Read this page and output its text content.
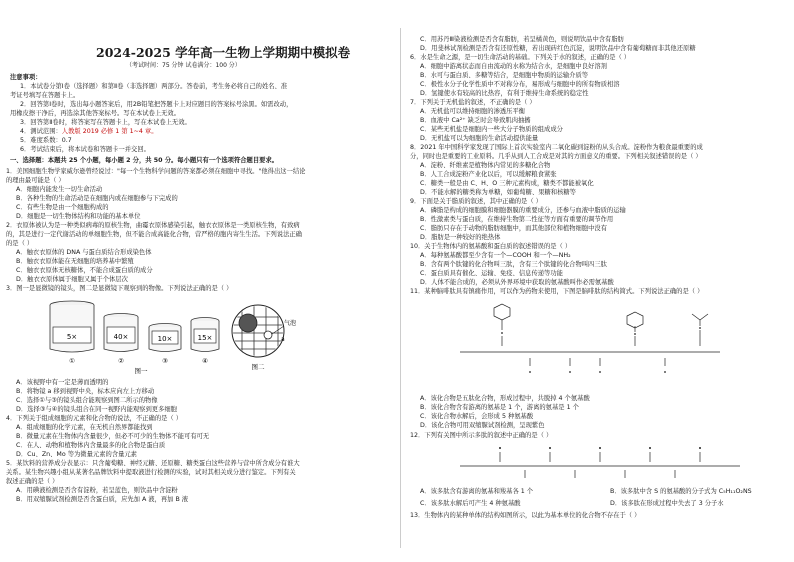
2024-2025 学年高一生物上学期期中模拟卷
（考试时间：75 分钟 试卷满分：100 分）
注意事项：
1．本试卷分第Ⅰ卷（选择题）和第Ⅱ卷（非选择题）两部分。答卷前，考生务必将自己的姓名、准
考证号填写在答题卡上。
2．回答第Ⅰ卷时，选出每小题答案后，用2B铅笔把答题卡上对应题目的答案标号涂黑。如需改动，
用橡皮擦干净后，再选涂其他答案标号。写在本试卷上无效。
3．回答第Ⅱ卷时，将答案写在答题卡上，写在本试卷上无效。
4．测试范围：人教版 2019 必修 1 第 1~4 章。
5．难度系数：0.7
6．考试结束后，将本试卷和答题卡一并交回。
一、选择题：本题共 25 个小题，每小题 2 分，共 50 分。每小题只有一个选项符合题目要求。
1．美国细胞生物学家威尔逊曾经说过："每一个生物科学问题的答案都必须在细胞中寻找。"他得出这一结论
的理由最可能是（ ）
A．细胞内能发生一切生命活动
B．各种生物的生命活动是在细胞内或在细胞参与下完成的
C．有些生物是由一个细胞构成的
D．细胞是一切生物体结构和功能的基本单位
2．衣原体被认为是一种类似病毒的原核生物，曲霉衣原体感染引起，触衣衣原体是一类原核生物，有致病
的，其是进行一定代谢活动的单细胞生物，但不能合成高能化合物，营严格的胞内寄生生活。下列说法正确
的是（ ）
A．触衣衣原体的 DNA 与蛋白质结合形成染色体
B．触衣衣原体能在无细胞的培养基中繁殖
C．触衣衣原体无核糖体，不能合成蛋白质的成分
D．触衣衣原体属于细胞又属于个体层次
3．图一是显微镜的镜头，图二是显微镜下观察到的物像。下列说法正确的是（ ）
5×	40×	10×	15×
①	②	③	④
图一
气泡
a
图二
A．该视野中有一定是薄而透明的
B．将物镜 a 移到视野中央，标本应向左上方移动
C．选择①与③的镜头组合能观察到图二所示的物像
D．选择③与④的镜头组合在同一视野内能观察到更多细胞
4．下列关于组成细胞的元素和化合物的说法，不正确的是（ ）
A．组成细胞的化学元素，在无机自然界都能找到
B．微量元素在生物体内含量很少，但必不可少的生物体不能可有可无
C．在人、动物和植物体内含量最多的化合物是蛋白质
D．Cu、Zn、Mo 等为微量元素的含量元素
5．某饮料的营养成分表显示：只含葡萄糖、神经元糖、还原糖、糖类蛋白这些营养与营中所含成分有谁大
关系。某生物兴趣小组从某著名品牌饮料中提取液进行检测的实验，试对其相关成分进行鉴定。下列有关
叙述正确的是（ ）
A．用碘液检测是否含有淀粉，若呈蓝色，则饮品中含淀粉
B．用双缩脲试剂检测是否含蛋白质，应先加 A 液，再加 B 液
C．用苏丹Ⅲ染液检测是否含有脂肪，若呈橘黄色，则说明饮品中含有脂肪
D．用斐林试剂检测是否含有还原性糖，若出现砖红色沉淀，说明饮品中含有葡萄糖而非其他还原糖
6．水是生命之源，是一切生命活动的基础。下列关于水的叙述，正确的是（ ）
A．细胞中游离状态而自由流动的水称为结合水，是细胞中良好溶剂
B．水可与蛋白质、多糖等结合，是细胞中物质的运输介质等
C．极性水分子化学性质中不对称分布，易形成与细胞中的所有物质相溶
D．氢键使水有较高的比热容，有利于维持生命系统的稳定性
7．下列关于无机盐的叙述，不正确的是（ ）
A．无机盐可以维持细胞的渗透压平衡
B．血液中 Ca²⁺ 缺乏时会导致肌肉抽搐
C．某些无机盐是细胞内一些大分子物质的组成成分
D．无机盐可以为细胞的生命活动提供能量
8．2021 年中国科学家发现了国际上首次实验室内二氧化碳到淀粉的从头合成。淀粉作为粮食最重要的成
分，同时也是重要的工业原料。几乎从到人工合成是对其的方面意义的重要。下列相关叙述错误的是（ ）
A．淀粉、纤维素是植物体内常见的多糖化合物
B．人工合成淀粉产业化以后，可以缓解粮食紧张
C．糖类一般是由 C、H、O 三种元素构成，糖类不都能被氧化
D．不能水解的糖类称为单糖，如葡萄糖、果糖和核糖等
9．下面是关于脂质的叙述，其中正确的是（ ）
A．磷脂是构成的细胞膜和细胞器膜的重要成分，还参与血液中脂质的运输
B．性激素类与蛋白质，在维持生物第二性征等方面有重要的调节作用
C．脂肪只存在于动物的脂肪细胞中，而其他部位和植物细胞中没有
D．脂肪是一种较好的绝热体
10．关于生物体内的氨基酸和蛋白质的叙述错误的是（ ）
A．每种氨基酸都至少含有一个—COOH 和一个—NH₂
B．含有两个肽键的化合物叫三肽，含有三个肽键的化合物叫四三肽
C．蛋白质具有催化、运输、免疫、信息传递等功能
D．人体不能合成的，必须从外界环境中获取的氨基酸叫作必需氨基酸
11．某种脑啡肽具有镇痛作用，可以作为药物来使用，下图是脑啡肽的结构简式。下列说法正确的是（ ）
A．该化合物是五肽化合物，形成过程中，共脱掉 4 个氨基酸
B．该化合物含有游离的氨基是 1 个，游离的氨基是 1 个
C．该化合物水解后，会形成 5 种氨基酸
D．该化合物可用双缩脲试剂检测，呈现紫色
12．下列有关图中所示多肽的叙述中正确的是（ ）
A．该多肽含有游离的氨基和羧基各 1 个	B．该多肽中含 S 的氨基酸的分子式为 C₅H₁₁O₂NS
C．该多肽水解后可产生 4 种氨基酸	D．该多肽在形成过程中失去了 3 分子水
13．生物体内的某种单体的结构如图所示，以此为基本单位的化合物不存在于（ ）
